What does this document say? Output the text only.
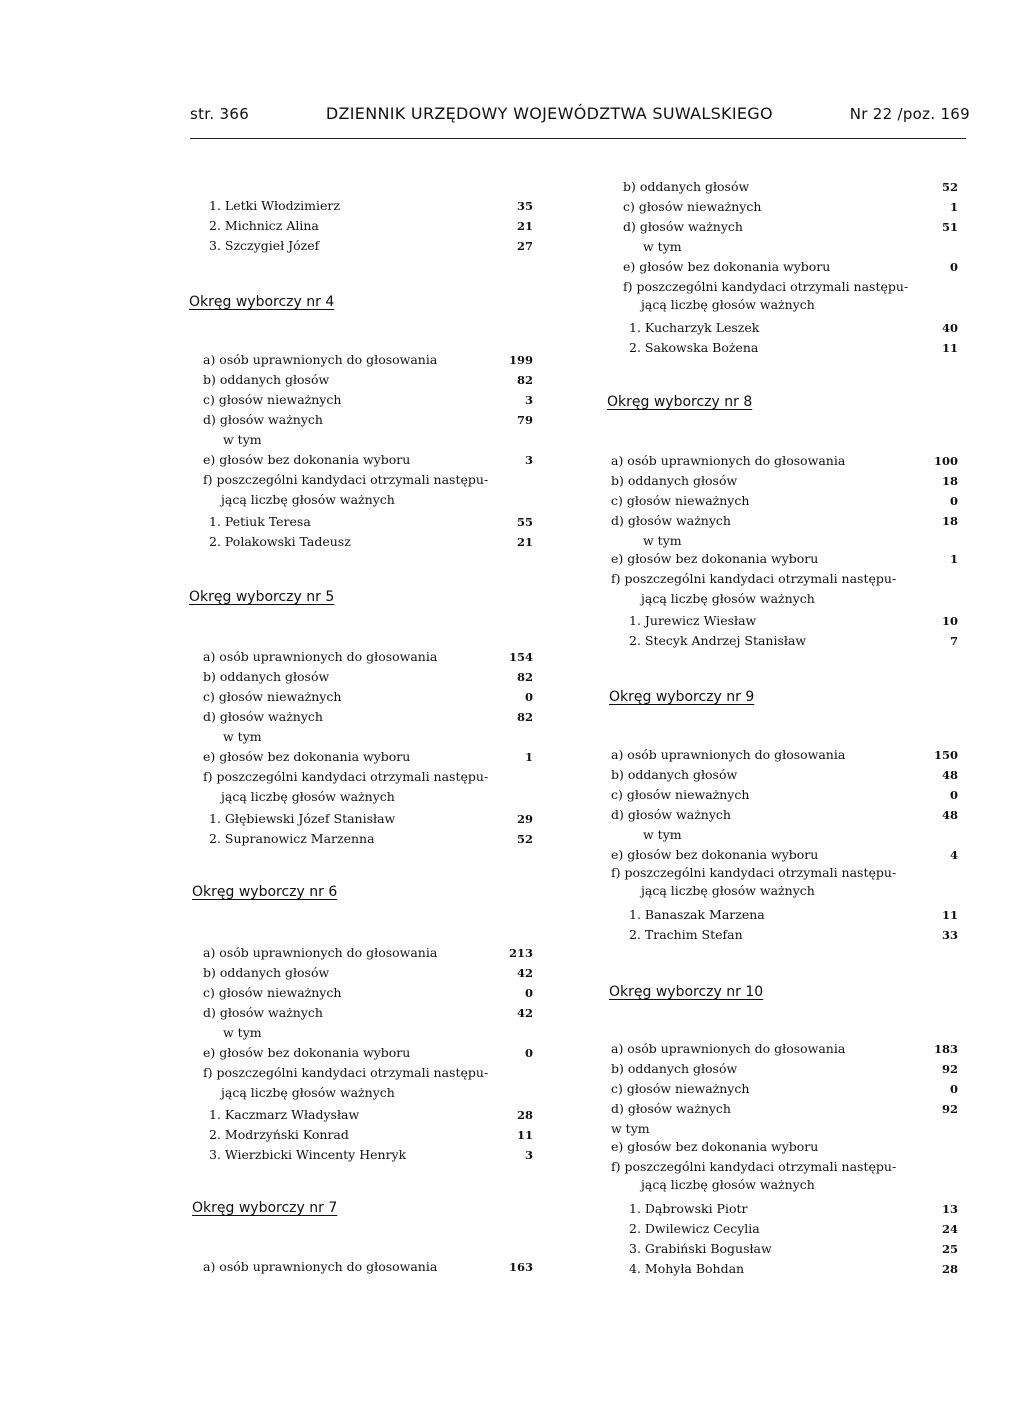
str. 366	DZIENNIK URZĘDOWY WOJEWÓDZTWA SUWALSKIEGO	Nr 22 /poz. 169
1. Letki Włodzimierz	35
2. Michnicz Alina	21
3. Szczygieł Józef	27
Okręg wyborczy nr 4
a) osób uprawnionych do głosowania	199
b) oddanych głosów	82
c) głosów nieważnych	3
d) głosów ważnych	79
w tym
e) głosów bez dokonania wyboru	3
f) poszczególni kandydaci otrzymali następu-
jącą liczbę głosów ważnych
1. Petiuk Teresa	55
2. Polakowski Tadeusz	21
Okręg wyborczy nr 5
a) osób uprawnionych do głosowania	154
b) oddanych głosów	82
c) głosów nieważnych	0
d) głosów ważnych	82
w tym
e) głosów bez dokonania wyboru	1
f) poszczególni kandydaci otrzymali następu-
jącą liczbę głosów ważnych
1. Głębiewski Józef Stanisław	29
2. Supranowicz Marzenna	52
Okręg wyborczy nr 6
a) osób uprawnionych do głosowania	213
b) oddanych głosów	42
c) głosów nieważnych	0
d) głosów ważnych	42
w tym
e) głosów bez dokonania wyboru	0
f) poszczególni kandydaci otrzymali następu-
jącą liczbę głosów ważnych
1. Kaczmarz Władysław	28
2. Modrzyński Konrad	11
3. Wierzbicki Wincenty Henryk	3
Okręg wyborczy nr 7
a) osób uprawnionych do głosowania	163
b) oddanych głosów	52
c) głosów nieważnych	1
d) głosów ważnych	51
w tym
e) głosów bez dokonania wyboru	0
f) poszczególni kandydaci otrzymali następu-
jącą liczbę głosów ważnych
1. Kucharzyk Leszek	40
2. Sakowska Bożena	11
Okręg wyborczy nr 8
a) osób uprawnionych do głosowania	100
b) oddanych głosów	18
c) głosów nieważnych	0
d) głosów ważnych	18
w tym
e) głosów bez dokonania wyboru	1
f) poszczególni kandydaci otrzymali następu-
jącą liczbę głosów ważnych
1. Jurewicz Wiesław	10
2. Stecyk Andrzej Stanisław	7
Okręg wyborczy nr 9
a) osób uprawnionych do głosowania	150
b) oddanych głosów	48
c) głosów nieważnych	0
d) głosów ważnych	48
w tym
e) głosów bez dokonania wyboru	4
f) poszczególni kandydaci otrzymali następu-
jącą liczbę głosów ważnych
1. Banaszak Marzena	11
2. Trachim Stefan	33
Okręg wyborczy nr 10
a) osób uprawnionych do głosowania	183
b) oddanych głosów	92
c) głosów nieważnych	0
d) głosów ważnych	92
w tym
e) głosów bez dokonania wyboru
f) poszczególni kandydaci otrzymali następu-
jącą liczbę głosów ważnych
1. Dąbrowski Piotr	13
2. Dwilewicz Cecylia	24
3. Grabiński Bogusław	25
4. Mohyła Bohdan	28
